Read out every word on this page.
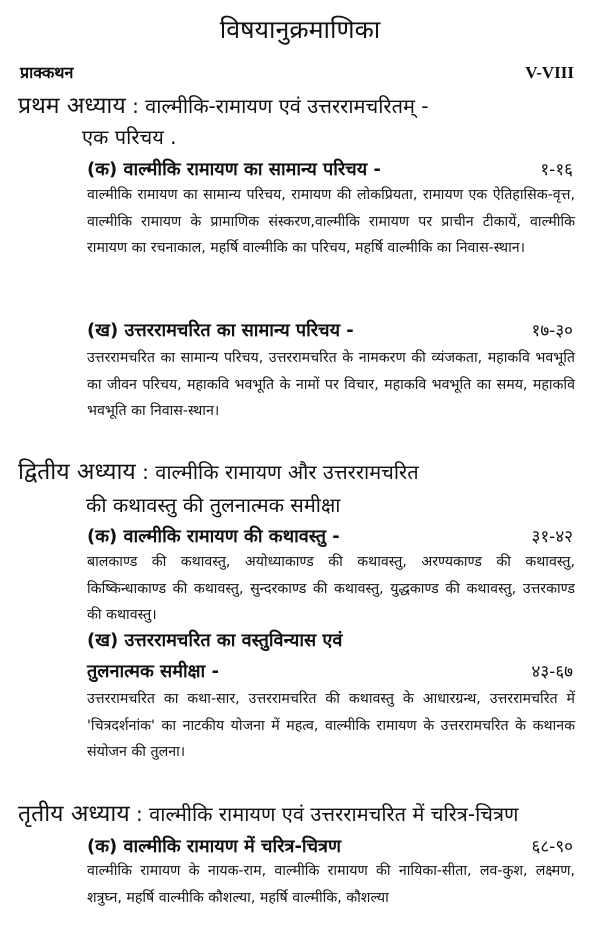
विषयानुक्रमाणिका
प्राक्कथन	V-VIII
प्रथम अध्याय : वाल्मीकि-रामायण एवं उत्तररामचरितम् -
एक परिचय .
(क) वाल्मीकि रामायण का सामान्य परिचय -	१-१६
वाल्मीकि रामायण का सामान्य परिचय, रामायण की लोकप्रियता, रामायण एक ऐतिहासिक-वृत्त, वाल्मीकि रामायण के प्रामाणिक संस्करण,वाल्मीकि रामायण पर प्राचीन टीकायें, वाल्मीकि रामायण का रचनाकाल, महर्षि वाल्मीकि का परिचय, महर्षि वाल्मीकि का निवास-स्थान।
(ख) उत्तररामचरित का सामान्य परिचय -	१७-३०
उत्तररामचरित का सामान्य परिचय, उत्तररामचरित के नामकरण की व्यंजकता, महाकवि भवभूति का जीवन परिचय, महाकवि भवभूति के नामों पर विचार, महाकवि भवभूति का समय, महाकवि भवभूति का निवास-स्थान।
द्वितीय अध्याय : वाल्मीकि रामायण और उत्तररामचरित
की कथावस्तु की तुलनात्मक समीक्षा
(क) वाल्मीकि रामायण की कथावस्तु -	३१-४२
बालकाण्ड की कथावस्तु, अयोध्याकाण्ड की कथावस्तु, अरण्यकाण्ड की कथावस्तु, किष्किन्धाकाण्ड की कथावस्तु, सुन्दरकाण्ड की कथावस्तु, युद्धकाण्ड की कथावस्तु, उत्तरकाण्ड की कथावस्तु।
(ख) उत्तररामचरित का वस्तुविन्यास एवं
तुलनात्मक समीक्षा -	४३-६७
उत्तररामचरित का कथा-सार, उत्तररामचरित की कथावस्तु के आधारग्रन्थ, उत्तररामचरित में 'चित्रदर्शनांक' का नाटकीय योजना में महत्व, वाल्मीकि रामायण के उत्तररामचरित के कथानक संयोजन की तुलना।
तृतीय अध्याय : वाल्मीकि रामायण एवं उत्तररामचरित में चरित्र-चित्रण
(क) वाल्मीकि रामायण में चरित्र-चित्रण	६८-९०
वाल्मीकि रामायण के नायक-राम, वाल्मीकि रामायण की नायिका-सीता, लव-कुश, लक्ष्मण, शत्रुघ्न, महर्षि वाल्मीकि कौशल्या, महर्षि वाल्मीकि, कौशल्या
